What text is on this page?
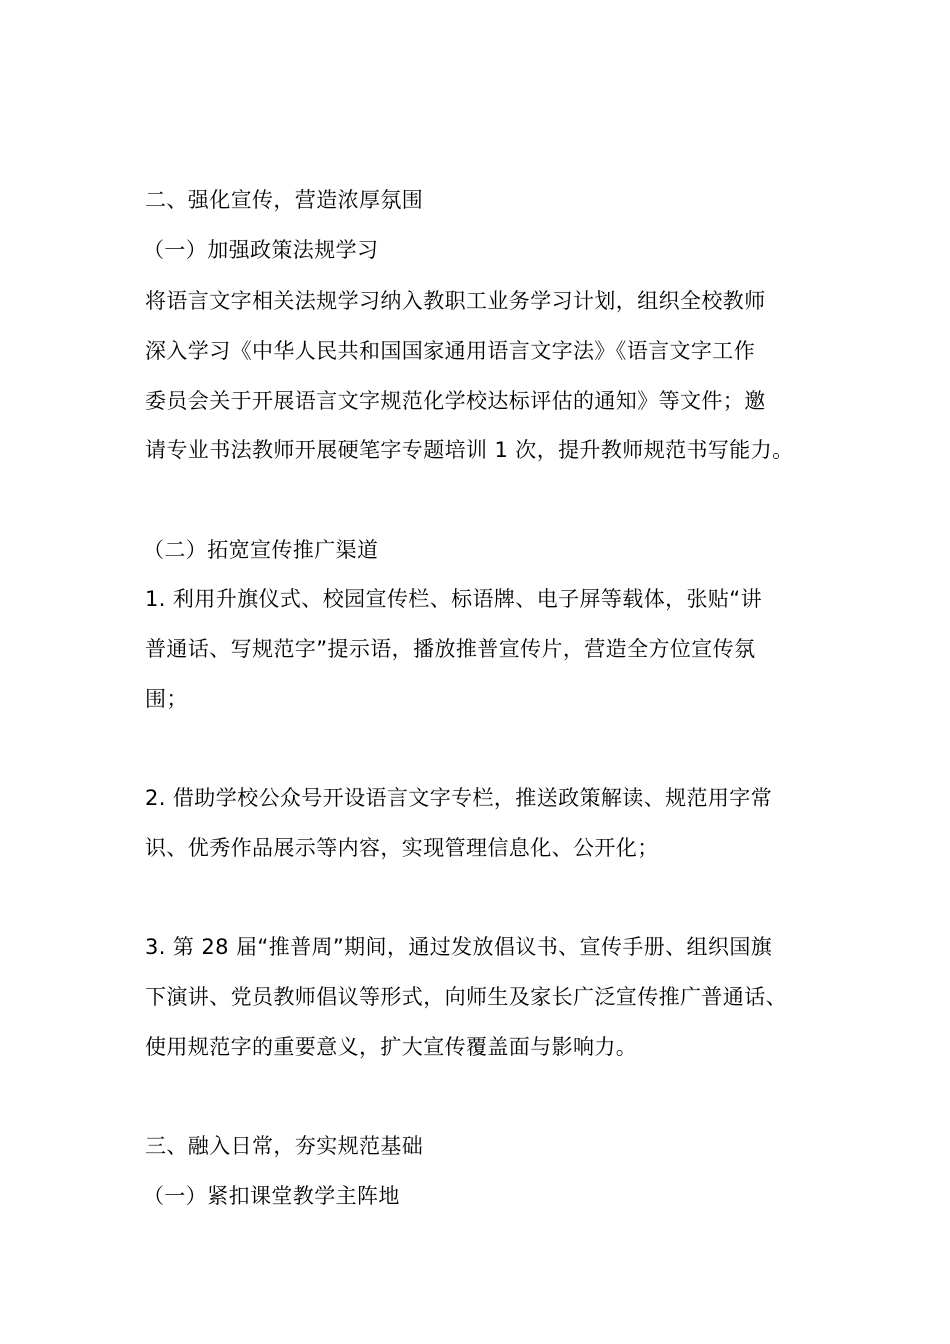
二、强化宣传，营造浓厚氛围
（一）加强政策法规学习
将语言文字相关法规学习纳入教职工业务学习计划，组织全校教师
深入学习《中华人民共和国国家通用语言文字法》《语言文字工作
委员会关于开展语言文字规范化学校达标评估的通知》等文件；邀
请专业书法教师开展硬笔字专题培训 1 次，提升教师规范书写能力。
（二）拓宽宣传推广渠道
1. 利用升旗仪式、校园宣传栏、标语牌、电子屏等载体，张贴“讲
普通话、写规范字”提示语，播放推普宣传片，营造全方位宣传氛
围；
2. 借助学校公众号开设语言文字专栏，推送政策解读、规范用字常
识、优秀作品展示等内容，实现管理信息化、公开化；
3. 第 28 届“推普周”期间，通过发放倡议书、宣传手册、组织国旗
下演讲、党员教师倡议等形式，向师生及家长广泛宣传推广普通话、
使用规范字的重要意义，扩大宣传覆盖面与影响力。
三、融入日常，夯实规范基础
（一）紧扣课堂教学主阵地
